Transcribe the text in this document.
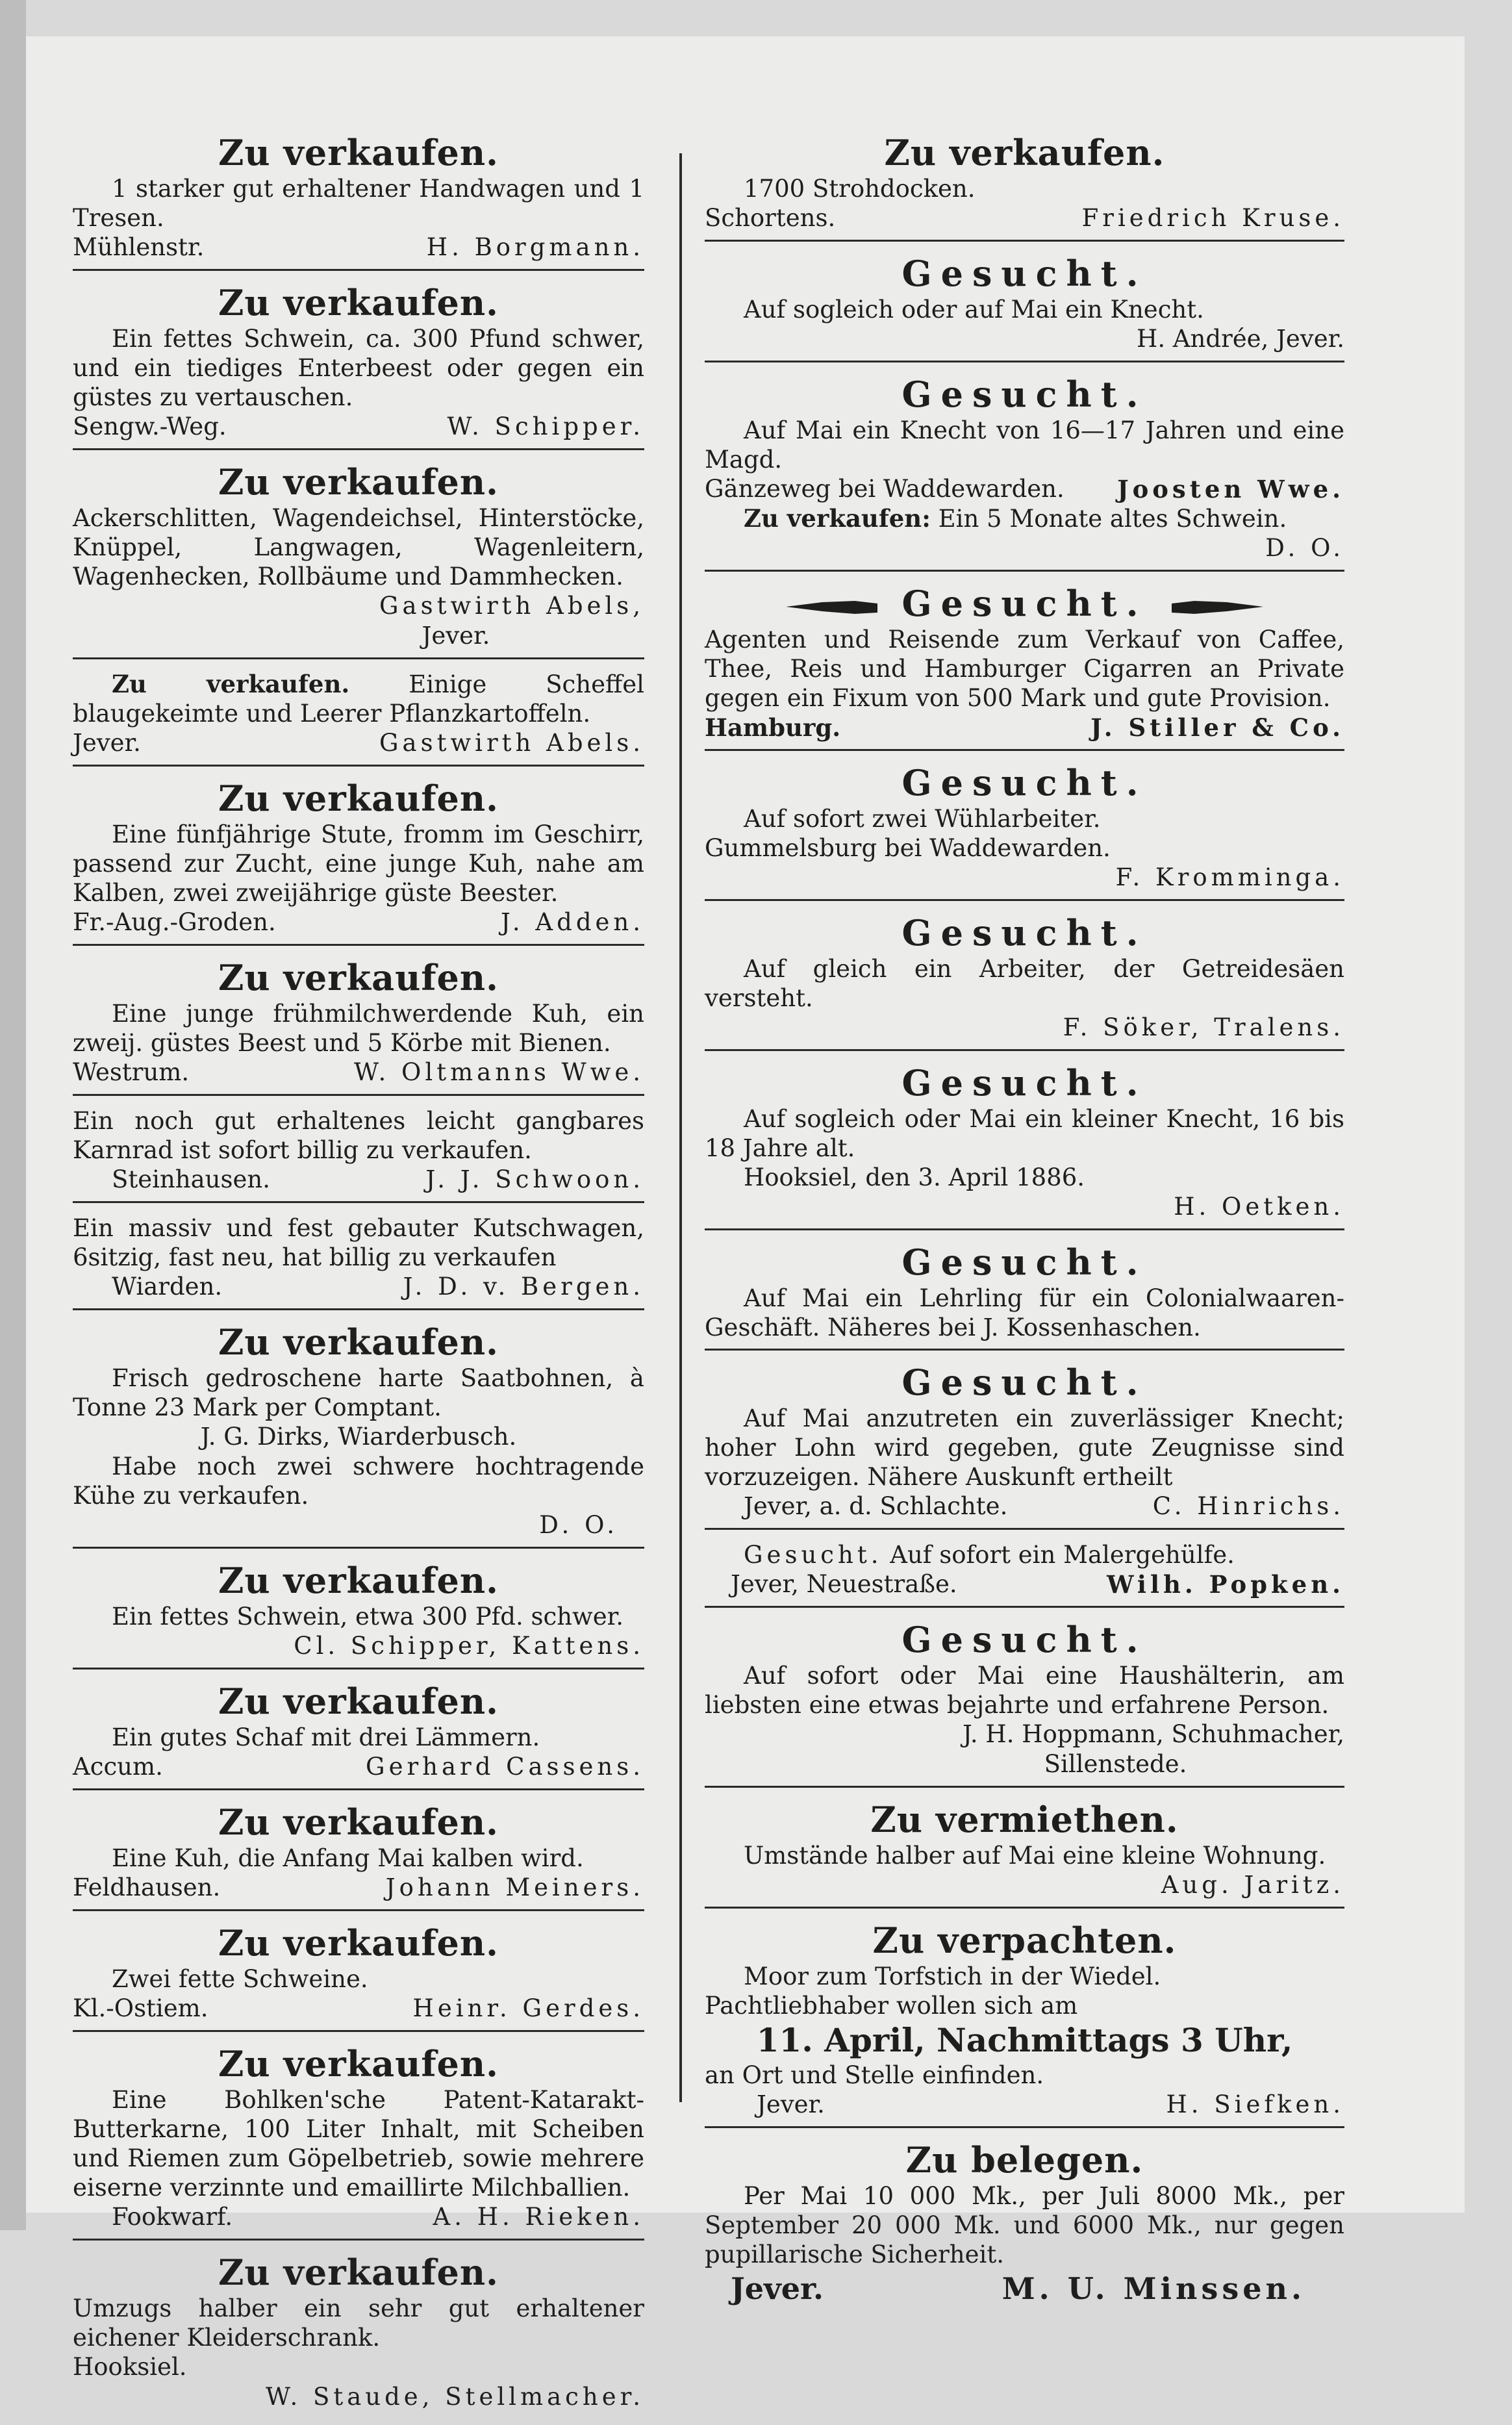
Zu verkaufen.
1 starker gut erhaltener Handwagen und 1 Tresen.
Mühlenstr.	H. Borgmann.
Zu verkaufen.
Ein fettes Schwein, ca. 300 Pfund schwer, und ein tiediges Enterbeest oder gegen ein güstes zu vertauschen.
Sengw.-Weg.	W. Schipper.
Zu verkaufen.
Ackerschlitten, Wagendeichsel, Hinterstöcke, Knüppel, Langwagen, Wagenleitern, Wagenhecken, Rollbäume und Dammhecken.
Gastwirth Abels,
Jever.
Zu verkaufen. Einige Scheffel blaugekeimte und Leerer Pflanzkartoffeln.
Jever.	Gastwirth Abels.
Zu verkaufen.
Eine fünfjährige Stute, fromm im Geschirr, passend zur Zucht, eine junge Kuh, nahe am Kalben, zwei zweijährige güste Beester.
Fr.-Aug.-Groden.	J. Adden.
Zu verkaufen.
Eine junge frühmilchwerdende Kuh, ein zweij. güstes Beest und 5 Körbe mit Bienen.
Westrum.	W. Oltmanns Wwe.
Ein noch gut erhaltenes leicht gangbares Karnrad ist sofort billig zu verkaufen.
Steinhausen.	J. J. Schwoon.
Ein massiv und fest gebauter Kutschwagen, 6sitzig, fast neu, hat billig zu verkaufen
Wiarden.	J. D. v. Bergen.
Zu verkaufen.
Frisch gedroschene harte Saatbohnen, à Tonne 23 Mark per Comptant.
J. G. Dirks, Wiarderbusch.
Habe noch zwei schwere hochtragende Kühe zu verkaufen.
D. O.
Zu verkaufen.
Ein fettes Schwein, etwa 300 Pfd. schwer.
Cl. Schipper, Kattens.
Zu verkaufen.
Ein gutes Schaf mit drei Lämmern.
Accum.	Gerhard Cassens.
Zu verkaufen.
Eine Kuh, die Anfang Mai kalben wird.
Feldhausen.	Johann Meiners.
Zu verkaufen.
Zwei fette Schweine.
Kl.-Ostiem.	Heinr. Gerdes.
Zu verkaufen.
Eine Bohlken'sche Patent-Katarakt-Butterkarne, 100 Liter Inhalt, mit Scheiben und Riemen zum Göpelbetrieb, sowie mehrere eiserne verzinnte und emaillirte Milchballien.
Fookwarf.	A. H. Rieken.
Zu verkaufen.
Umzugs halber ein sehr gut erhaltener eichener Kleiderschrank.
Hooksiel.
W. Staude, Stellmacher.
Zu verkaufen.
1700 Strohdocken.
Schortens.	Friedrich Kruse.
Gesucht.
Auf sogleich oder auf Mai ein Knecht.
H. Andrée, Jever.
Gesucht.
Auf Mai ein Knecht von 16—17 Jahren und eine Magd.
Gänzeweg bei Waddewarden. Joosten Wwe.
Zu verkaufen: Ein 5 Monate altes Schwein.
D. O.
Gesucht.
Agenten und Reisende zum Verkauf von Caffee, Thee, Reis und Hamburger Cigarren an Private gegen ein Fixum von 500 Mark und gute Provision.
Hamburg.	J. Stiller & Co.
Gesucht.
Auf sofort zwei Wühlarbeiter.
Gummelsburg bei Waddewarden.
F. Kromminga.
Gesucht.
Auf gleich ein Arbeiter, der Getreidesäen versteht.
F. Söker, Tralens.
Gesucht.
Auf sogleich oder Mai ein kleiner Knecht, 16 bis 18 Jahre alt.
Hooksiel, den 3. April 1886.
H. Oetken.
Gesucht.
Auf Mai ein Lehrling für ein Colonialwaaren-Geschäft. Näheres bei J. Kossenhaschen.
Gesucht.
Auf Mai anzutreten ein zuverlässiger Knecht; hoher Lohn wird gegeben, gute Zeugnisse sind vorzuzeigen. Nähere Auskunft ertheilt
Jever, a. d. Schlachte.	C. Hinrichs.
Gesucht. Auf sofort ein Malergehülfe.
Jever, Neuestraße.	Wilh. Popken.
Gesucht.
Auf sofort oder Mai eine Haushälterin, am liebsten eine etwas bejahrte und erfahrene Person.
J. H. Hoppmann, Schuhmacher,
Sillenstede.
Zu vermiethen.
Umstände halber auf Mai eine kleine Wohnung.
Aug. Jaritz.
Zu verpachten.
Moor zum Torfstich in der Wiedel.
Pachtliebhaber wollen sich am
11. April, Nachmittags 3 Uhr,
an Ort und Stelle einfinden.
Jever.	H. Siefken.
Zu belegen.
Per Mai 10 000 Mk., per Juli 8000 Mk., per September 20 000 Mk. und 6000 Mk., nur gegen pupillarische Sicherheit.
Jever.	M. U. Minssen.
